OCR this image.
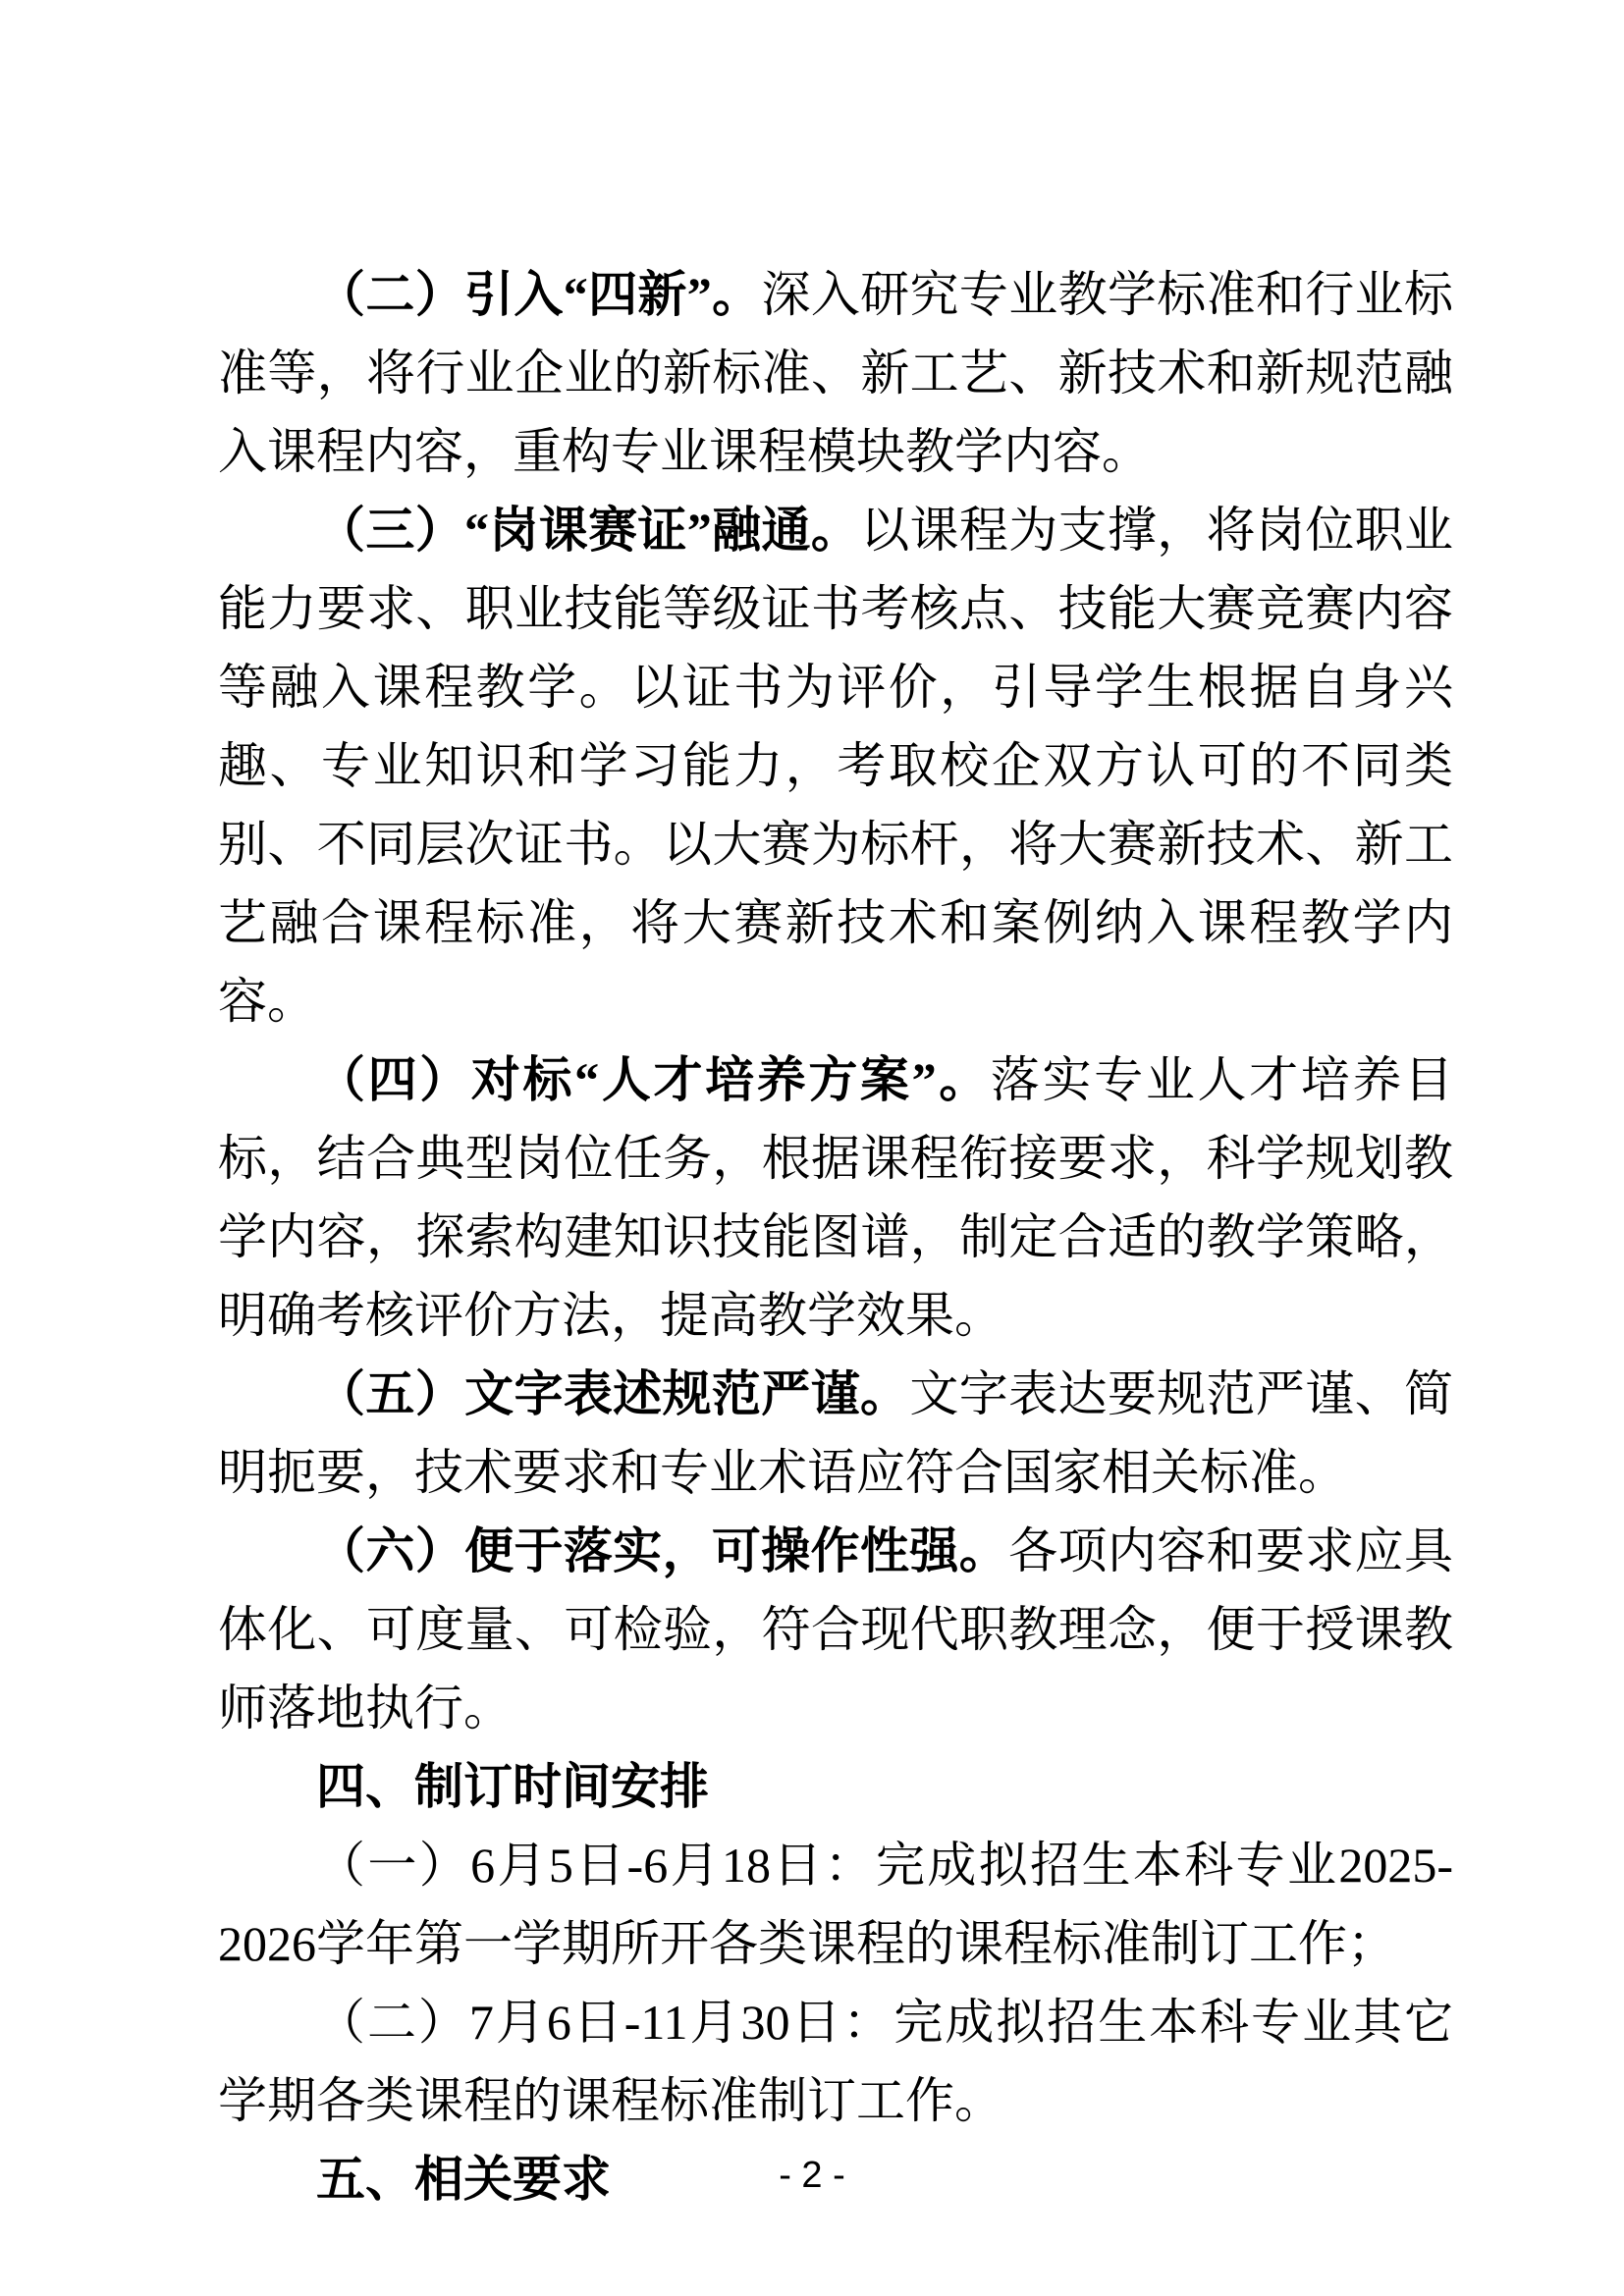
（二）引入“四新”。深入研究专业教学标准和行业标准等，将行业企业的新标准、新工艺、新技术和新规范融入课程内容，重构专业课程模块教学内容。

（三）“岗课赛证”融通。以课程为支撑，将岗位职业能力要求、职业技能等级证书考核点、技能大赛竞赛内容等融入课程教学。以证书为评价，引导学生根据自身兴趣、专业知识和学习能力，考取校企双方认可的不同类别、不同层次证书。以大赛为标杆，将大赛新技术、新工艺融合课程标准，将大赛新技术和案例纳入课程教学内容。

（四）对标“人才培养方案”。落实专业人才培养目标，结合典型岗位任务，根据课程衔接要求，科学规划教学内容，探索构建知识技能图谱，制定合适的教学策略，明确考核评价方法，提高教学效果。

（五）文字表述规范严谨。文字表达要规范严谨、简明扼要，技术要求和专业术语应符合国家相关标准。

（六）便于落实，可操作性强。各项内容和要求应具体化、可度量、可检验，符合现代职教理念，便于授课教师落地执行。

四、制订时间安排

（一）6月5日-6月18日：完成拟招生本科专业2025-2026学年第一学期所开各类课程的课程标准制订工作；

（二）7月6日-11月30日：完成拟招生本科专业其它学期各类课程的课程标准制订工作。

五、相关要求	- 2 -
